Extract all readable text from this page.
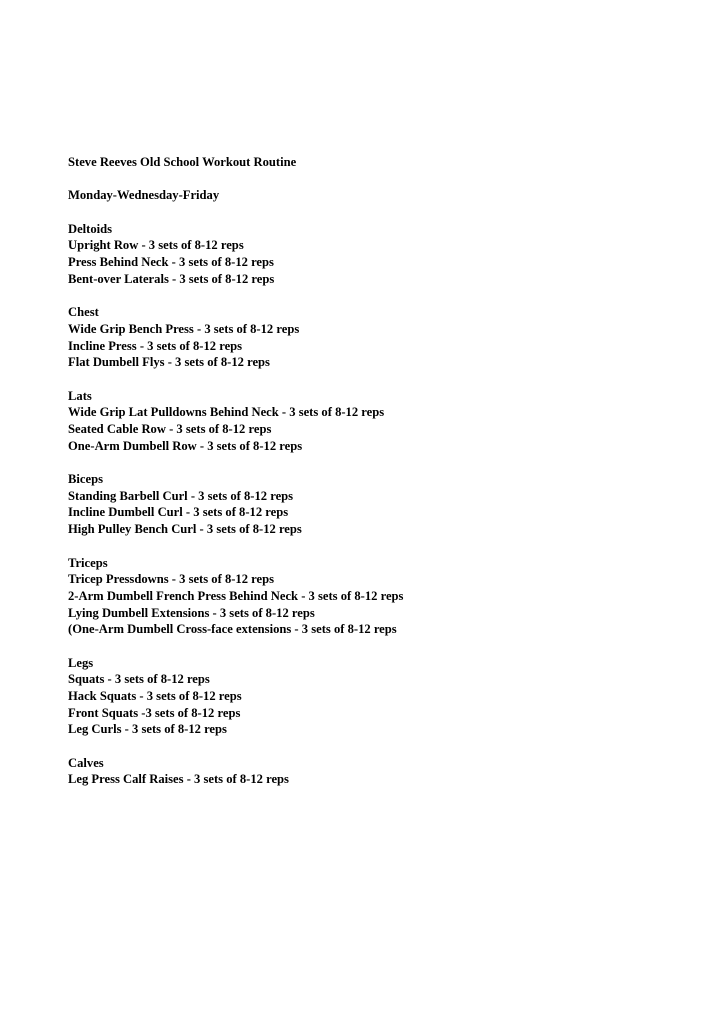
Steve Reeves Old School Workout Routine
Monday-Wednesday-Friday
Deltoids
Upright Row - 3 sets of 8-12 reps
Press Behind Neck - 3 sets of 8-12 reps
Bent-over Laterals - 3 sets of 8-12 reps
Chest
Wide Grip Bench Press - 3 sets of 8-12 reps
Incline Press - 3 sets of 8-12 reps
Flat Dumbell Flys - 3 sets of 8-12 reps
Lats
Wide Grip Lat Pulldowns Behind Neck - 3 sets of 8-12 reps
Seated Cable Row - 3 sets of 8-12 reps
One-Arm Dumbell Row - 3 sets of 8-12 reps
Biceps
Standing Barbell Curl - 3 sets of 8-12 reps
Incline Dumbell Curl - 3 sets of 8-12 reps
High Pulley Bench Curl - 3 sets of 8-12 reps
Triceps
Tricep Pressdowns - 3 sets of 8-12 reps
2-Arm Dumbell French Press Behind Neck - 3 sets of 8-12 reps
Lying Dumbell Extensions - 3 sets of 8-12 reps
(One-Arm Dumbell Cross-face extensions - 3 sets of 8-12 reps
Legs
Squats - 3 sets of 8-12 reps
Hack Squats - 3 sets of 8-12 reps
Front Squats -3 sets of 8-12 reps
Leg Curls - 3 sets of 8-12 reps
Calves
Leg Press Calf Raises - 3 sets of 8-12 reps
